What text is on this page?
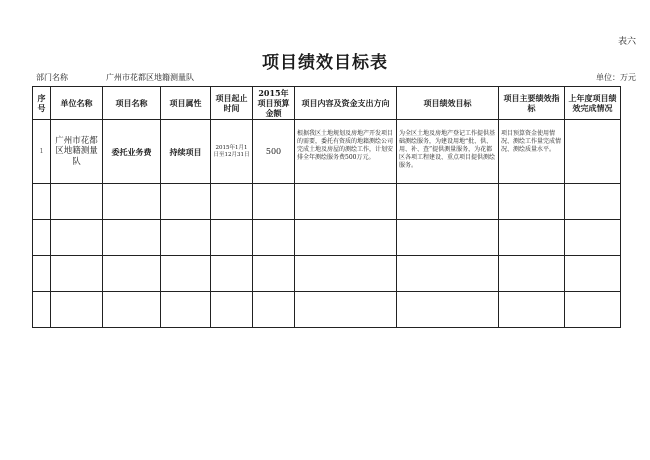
表六
项目绩效目标表
部门名称	广州市花都区地籍测量队	单位：万元
序号	单位名称	项目名称	项目属性	项目起止时间	2015年项目预算金额	项目内容及资金支出方向	项目绩效目标	项目主要绩效指标	上年度项目绩效完成情况
1	广州市花都区地籍测量队	委托业务费	持续项目	2015年1月1日至12月31日	500	根据我区土地规划及房地产开发项目的需要，委托有资质的地籍测绘公司完成土地及房屋的测绘工作，计划安排全年测绘服务费500万元。	为全区土地及房地产登记工作提供基础测绘服务，为建设用地“批、供、用、补、查”提供测量服务，为花都区各项工程建设、重点项目提供测绘服务。	项目预算资金使用情况、测绘工作量完成情况、测绘质量水平。	
